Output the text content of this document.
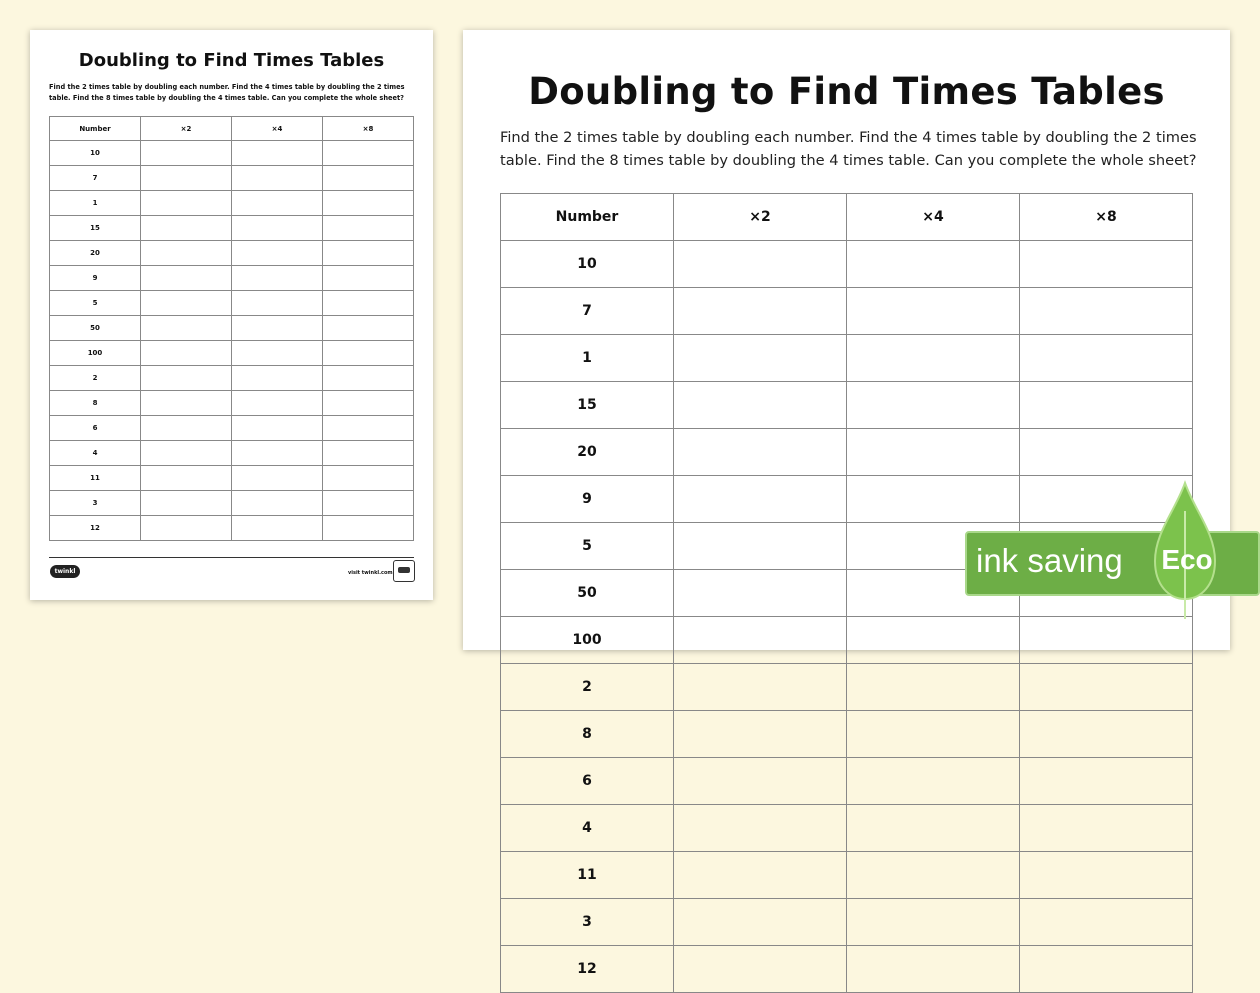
Doubling to Find Times Tables
Find the 2 times table by doubling each number. Find the 4 times table by doubling the 2 times table. Find the 8 times table by doubling the 4 times table. Can you complete the whole sheet?
Number	×2	×4	×8
10			
7			
1			
15			
20			
9			
5			
50			
100			
2			
8			
6			
4			
11			
3			
12			
twinkl	visit twinkl.com
Doubling to Find Times Tables
Find the 2 times table by doubling each number. Find the 4 times table by doubling the 2 times table. Find the 8 times table by doubling the 4 times table. Can you complete the whole sheet?
Number	×2	×4	×8
10			
7			
1			
15			
20			
9			
5			
50			
100			
2			
8			
6			
4			
11			
3			
12			
ink saving Eco
